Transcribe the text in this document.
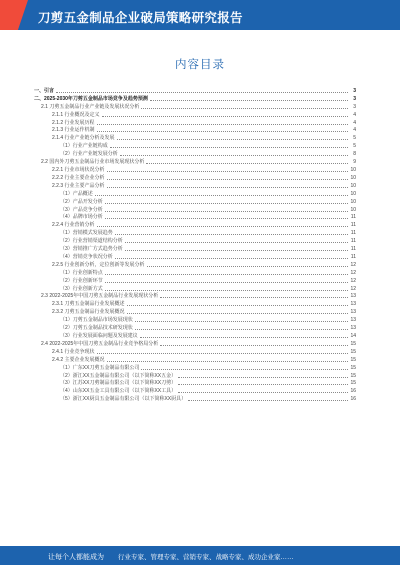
刀剪五金制品企业破局策略研究报告
内容目录
一、引言	3
二、2025-2030年刀剪五金制品市场竞争及趋势预测	3
2.1 刀剪五金制品行业产业链及发展状况分析	3
2.1.1 行业概况及定义	4
2.1.2 行业发展历程	4
2.1.3 行业运作机制	4
2.1.4 行业产业链分析及发展	5
（1）行业产业链构成	5
（2）行业产业链发展分析	8
2.2 国内外刀剪五金制品行业市场发展现状分析	9
2.2.1 行业市场状况分析	10
2.2.2 行业主要企业分析	10
2.2.3 行业主要产品分析	10
（1）产品概述	10
（2）产品开发分析	10
（3）产品竞争分析	10
（4）品牌市场分析	11
2.2.4 行业营销分析	11
（1）营销模式发展趋势	11
（2）行业营销渠道结构分析	11
（3）营销推广方式趋势分析	11
（4）营销竞争状况分析	11
2.2.5 行业创新分析，定位创新等发展分析	12
（1）行业创新特点	12
（2）行业创新环节	12
（3）行业创新方式	12
2.3 2022-2025年中国刀剪五金制品行业发展现状分析	13
2.3.1 刀剪五金制品行业发展概述	13
2.3.2 刀剪五金制品行业发展概况	13
（1）刀剪五金制品市场发展现状	13
（2）刀剪五金制品技术研发现状	13
（3）行业发展面临问题及发展建议	14
2.4 2022-2025年中国刀剪五金制品行业竞争格局分析	15
2.4.1 行业竞争现状	15
2.4.2 主要企业发展概况	15
（1）广东XX刀剪五金制品有限公司	15
（2）浙江XX五金制品有限公司（以下简称XX五金）	15
（3）江苏XX刀剪制品有限公司（以下简称XX刀剪）	15
（4）山东XX五金工具有限公司（以下简称XX工具）	16
（5）浙江XX厨具五金制品有限公司（以下简称XX厨具）	16
让每个人都能成为 行业专家、管理专家、营销专家、战略专家、成功企业家……
